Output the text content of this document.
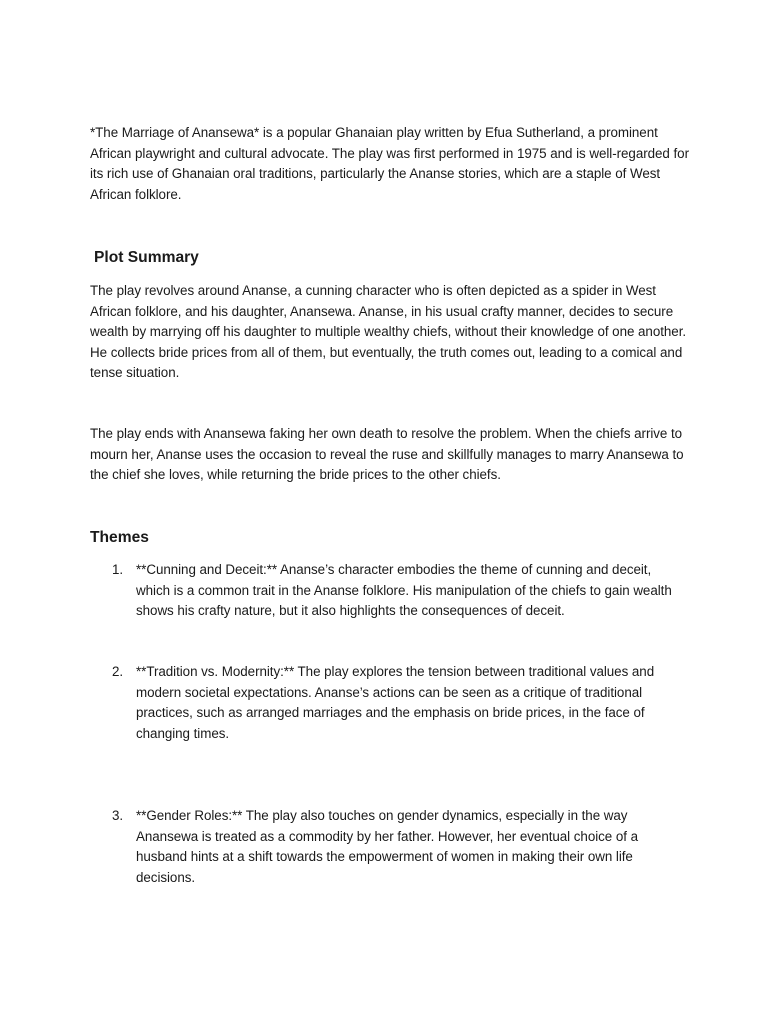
*The Marriage of Anansewa* is a popular Ghanaian play written by Efua Sutherland, a prominent African playwright and cultural advocate. The play was first performed in 1975 and is well-regarded for its rich use of Ghanaian oral traditions, particularly the Ananse stories, which are a staple of West African folklore.

Plot Summary

The play revolves around Ananse, a cunning character who is often depicted as a spider in West African folklore, and his daughter, Anansewa. Ananse, in his usual crafty manner, decides to secure wealth by marrying off his daughter to multiple wealthy chiefs, without their knowledge of one another. He collects bride prices from all of them, but eventually, the truth comes out, leading to a comical and tense situation.

The play ends with Anansewa faking her own death to resolve the problem. When the chiefs arrive to mourn her, Ananse uses the occasion to reveal the ruse and skillfully manages to marry Anansewa to the chief she loves, while returning the bride prices to the other chiefs.

Themes
1. **Cunning and Deceit:** Ananse’s character embodies the theme of cunning and deceit, which is a common trait in the Ananse folklore. His manipulation of the chiefs to gain wealth shows his crafty nature, but it also highlights the consequences of deceit.

2. **Tradition vs. Modernity:** The play explores the tension between traditional values and modern societal expectations. Ananse’s actions can be seen as a critique of traditional practices, such as arranged marriages and the emphasis on bride prices, in the face of changing times.

3. **Gender Roles:** The play also touches on gender dynamics, especially in the way Anansewa is treated as a commodity by her father. However, her eventual choice of a husband hints at a shift towards the empowerment of women in making their own life decisions.
